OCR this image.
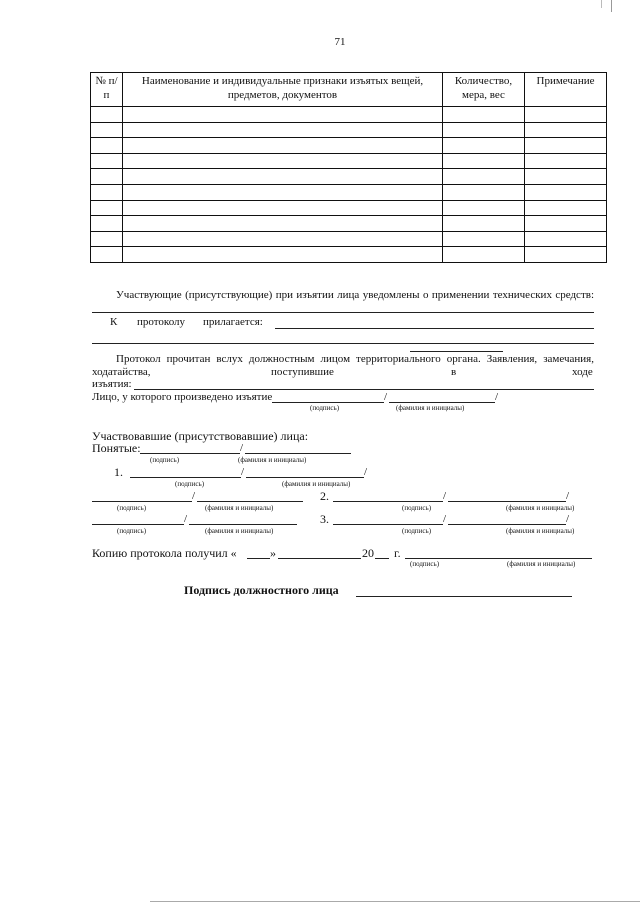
71
№ п/п	Наименование и индивидуальные признаки изъятых вещей, предметов, документов	Количество, мера, вес	Примечание

Участвующие (присутствующие) при изъятии лица уведомлены о применении технических средств:
К протоколу прилагается:
Протокол прочитан вслух должностным лицом территориального органа. Заявления, замечания,
ходатайства,	поступившие	в	ходе
изъятия:
Лицо, у которого произведено изъятие	/	/
(подпись)	(фамилия и инициалы)
Участвовавшие (присутствовавшие) лица:
Понятые:	/
(подпись)	(фамилия и инициалы)
1.	/	/
(подпись)	(фамилия и инициалы)
/
(подпись)	(фамилия и инициалы)
2.	/	/
(подпись)	(фамилия и инициалы)
/
(подпись)	(фамилия и инициалы)
3.	/	/
(подпись)	(фамилия и инициалы)
Копию протокола получил «	»	20 г.
(подпись)	(фамилия и инициалы)
Подпись должностного лица
